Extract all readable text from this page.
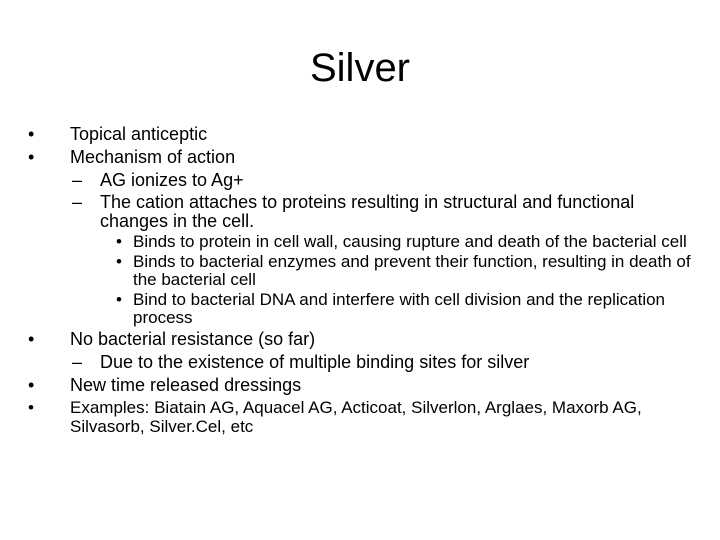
Silver
• Topical anticeptic
• Mechanism of action
– AG ionizes to Ag+
– The cation attaches to proteins resulting in structural and functional changes in the cell.
• Binds to protein in cell wall, causing rupture and death of the bacterial cell
• Binds to bacterial enzymes and prevent their function, resulting in death of the bacterial cell
• Bind to bacterial DNA and interfere with cell division and the replication process
• No bacterial resistance (so far)
– Due to the existence of multiple binding sites for silver
• New time released dressings
• Examples: Biatain AG, Aquacel AG, Acticoat, Silverlon, Arglaes, Maxorb AG, Silvasorb, Silver.Cel, etc
